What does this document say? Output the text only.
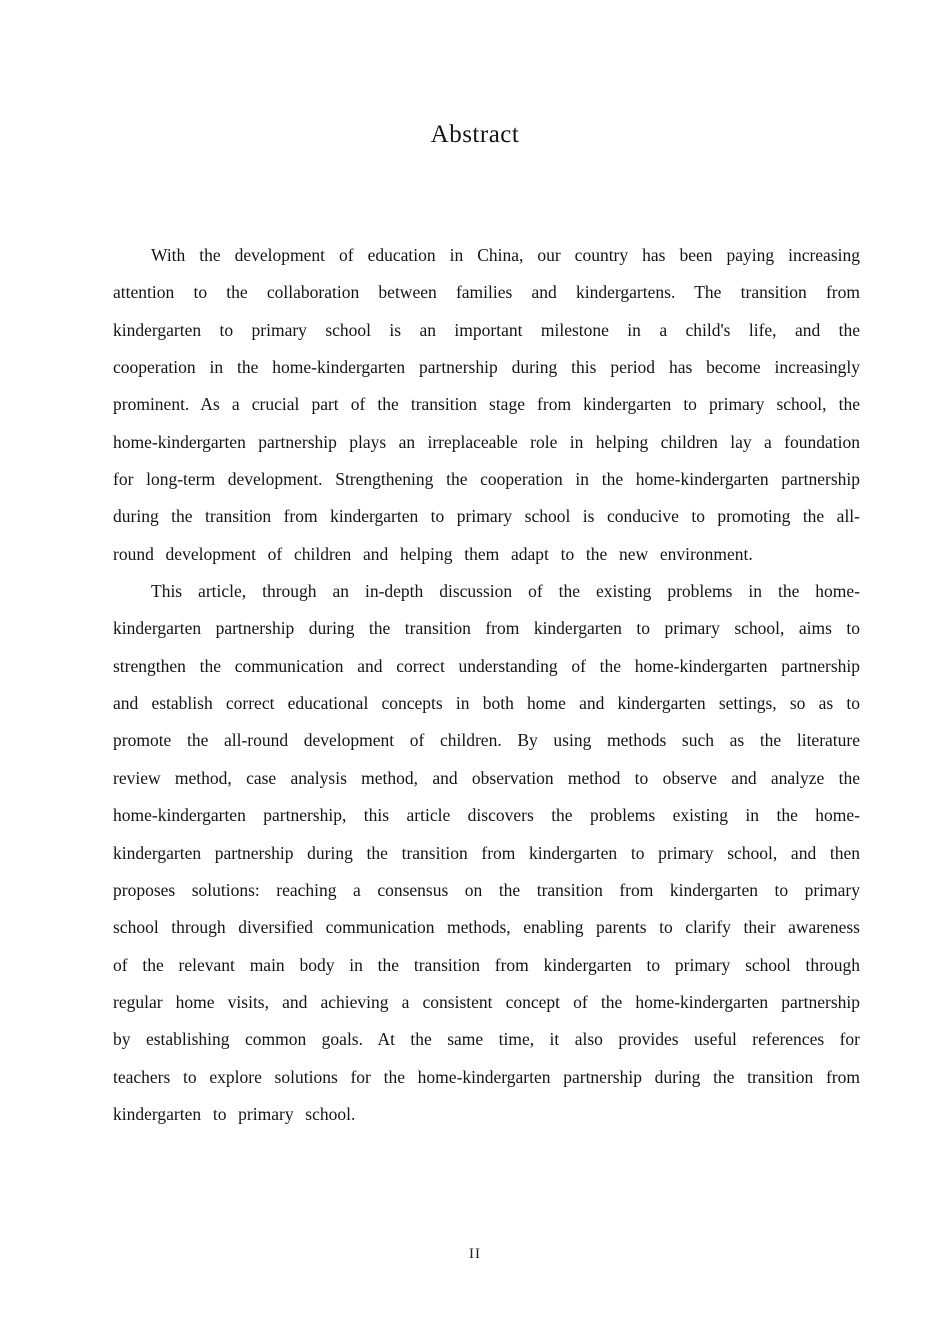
Abstract

With the development of education in China, our country has been paying increasing attention to the collaboration between families and kindergartens. The transition from kindergarten to primary school is an important milestone in a child's life, and the cooperation in the home-kindergarten partnership during this period has become increasingly prominent. As a crucial part of the transition stage from kindergarten to primary school, the home-kindergarten partnership plays an irreplaceable role in helping children lay a foundation for long-term development. Strengthening the cooperation in the home-kindergarten partnership during the transition from kindergarten to primary school is conducive to promoting the all-round development of children and helping them adapt to the new environment.

This article, through an in-depth discussion of the existing problems in the home-kindergarten partnership during the transition from kindergarten to primary school, aims to strengthen the communication and correct understanding of the home-kindergarten partnership and establish correct educational concepts in both home and kindergarten settings, so as to promote the all-round development of children. By using methods such as the literature review method, case analysis method, and observation method to observe and analyze the home-kindergarten partnership, this article discovers the problems existing in the home-kindergarten partnership during the transition from kindergarten to primary school, and then proposes solutions: reaching a consensus on the transition from kindergarten to primary school through diversified communication methods, enabling parents to clarify their awareness of the relevant main body in the transition from kindergarten to primary school through regular home visits, and achieving a consistent concept of the home-kindergarten partnership by establishing common goals. At the same time, it also provides useful references for teachers to explore solutions for the home-kindergarten partnership during the transition from kindergarten to primary school.

II
